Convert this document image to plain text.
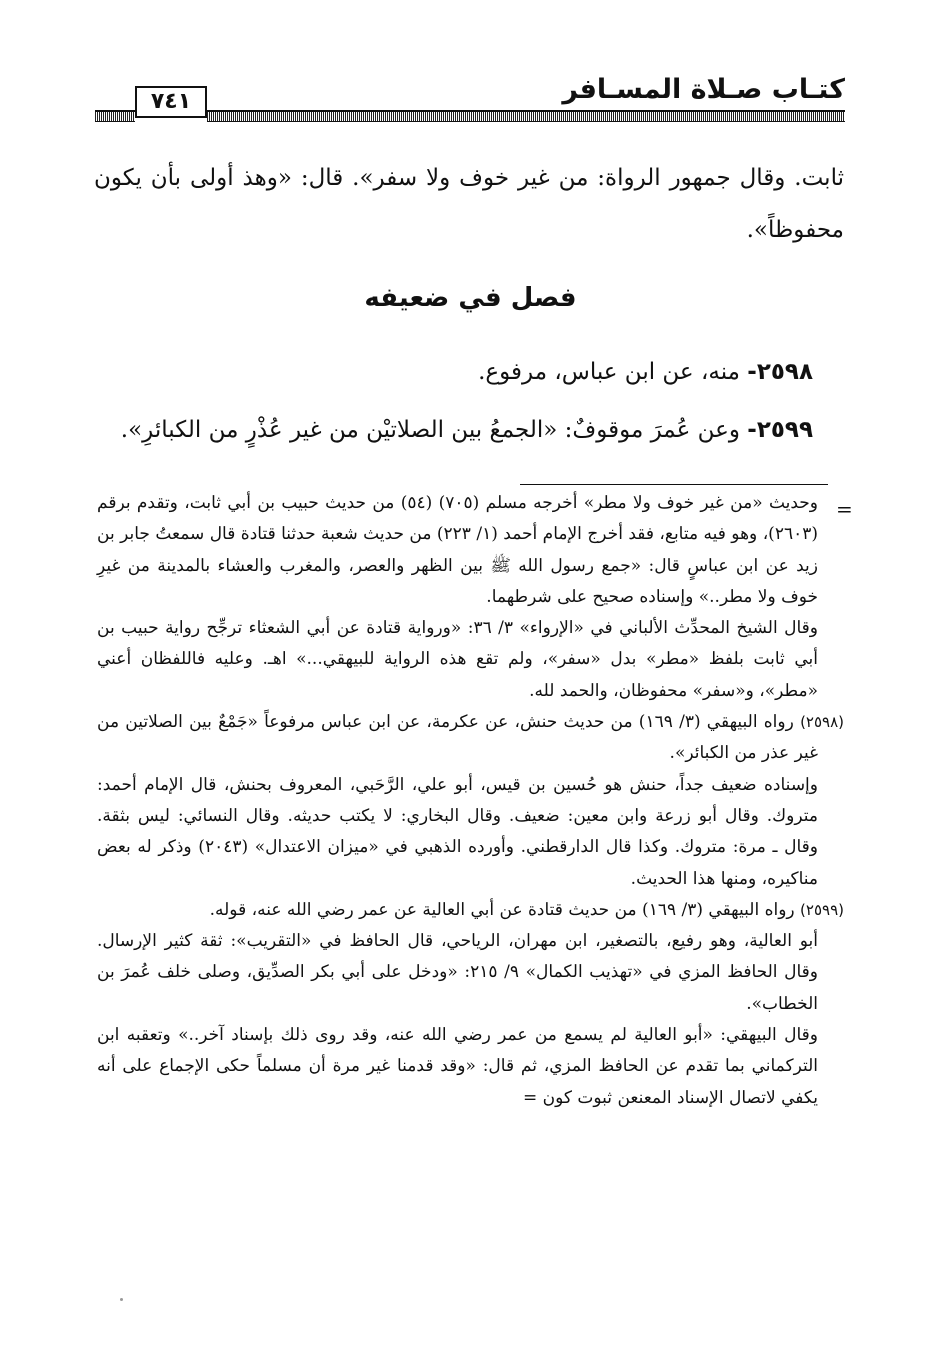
كتـاب صـلاة المسـافر
٧٤١
ثابت. وقال جمهور الرواة: من غير خوف ولا سفر». قال: «وهذ أولى بأن يكون محفوظاً».
فصل في ضعيفه
٢٥٩٨- منه، عن ابن عباس، مرفوع.
٢٥٩٩- وعن عُمرَ موقوفٌ: «الجمعُ بين الصلاتيْن من غير عُذْرٍ من الكبائرِ».
=

وحديث «من غير خوف ولا مطر» أخرجه مسلم (٧٠٥) (٥٤) من حديث حبيب بن أبي ثابت، وتقدم برقم (٢٦٠٣)، وهو فيه متابع، فقد أخرج الإمام أحمد (١/ ٢٢٣) من حديث شعبة حدثنا قتادة قال سمعتُ جابر بن زيد عن ابن عباسٍ قال: «جمع رسول الله ﷺ بين الظهر والعصر، والمغرب والعشاء بالمدينة من غيرِ خوف ولا مطر..» وإسناده صحيح على شرطهما.

وقال الشيخ المحدِّث الألباني في «الإرواء» ٣/ ٣٦: «ورواية قتادة عن أبي الشعثاء ترجِّح رواية حبيب بن أبي ثابت بلفظ «مطر» بدل «سفر»، ولم تقع هذه الرواية للبيهقي...» اهـ. وعليه فاللفظان أعني «مطر»، و«سفر» محفوظان، والحمد لله.

(٢٥٩٨) رواه البيهقي (٣/ ١٦٩) من حديث حنش، عن عكرمة، عن ابن عباس مرفوعاً «جَمْعٌ بين الصلاتين من غير عذر من الكبائر».

وإسناده ضعيف جداً، حنش هو حُسين بن قيس، أبو علي، الرَّحَبي، المعروف بحنش، قال الإمام أحمد: متروك. وقال أبو زرعة وابن معين: ضعيف. وقال البخاري: لا يكتب حديثه. وقال النسائي: ليس بثقة. وقال ـ مرة: متروك. وكذا قال الدارقطني. وأورده الذهبي في «ميزان الاعتدال» (٢٠٤٣) وذكر له بعض مناكيره، ومنها هذا الحديث.

(٢٥٩٩) رواه البيهقي (٣/ ١٦٩) من حديث قتادة عن أبي العالية عن عمر رضي الله عنه، قوله.

أبو العالية، وهو رفيع، بالتصغير، ابن مهران، الرياحي، قال الحافظ في «التقريب»: ثقة كثير الإرسال. وقال الحافظ المزي في «تهذيب الكمال» ٩/ ٢١٥: «ودخل على أبي بكر الصدِّيق، وصلى خلف عُمرَ بن الخطاب».

وقال البيهقي: «أبو العالية لم يسمع من عمر رضي الله عنه، وقد روى ذلك بإسناد آخر..» وتعقبه ابن التركماني بما تقدم عن الحافظ المزي، ثم قال: «وقد قدمنا غير مرة أن مسلماً حكى الإجماع على أنه يكفي لاتصال الإسناد المعنعن ثبوت كون =
